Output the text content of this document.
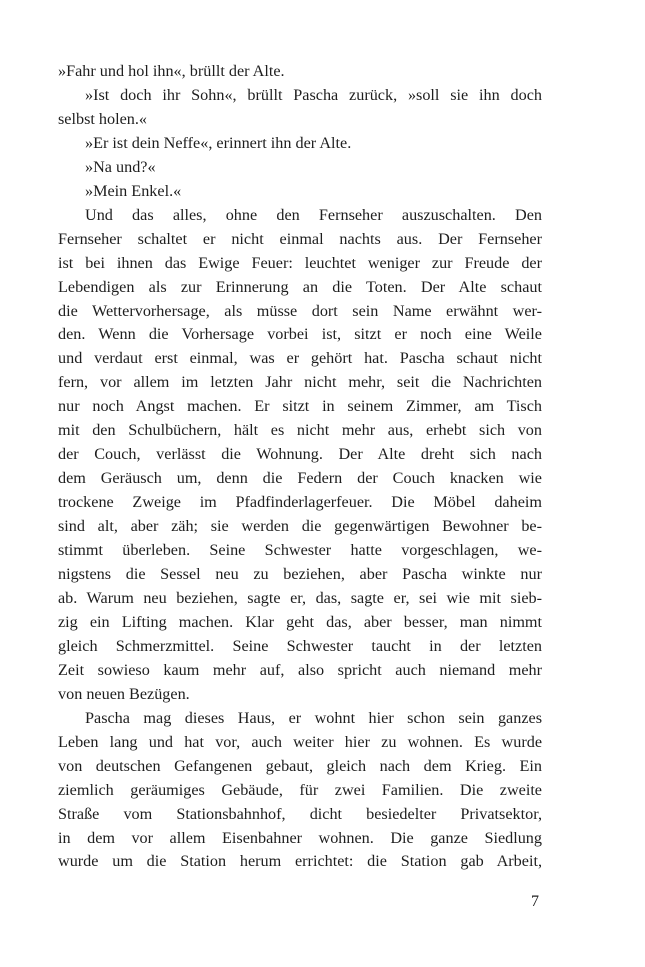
»Fahr und hol ihn«, brüllt der Alte.
»Ist doch ihr Sohn«, brüllt Pascha zurück, »soll sie ihn doch
selbst holen.«
»Er ist dein Neffe«, erinnert ihn der Alte.
»Na und?«
»Mein Enkel.«
Und das alles, ohne den Fernseher auszuschalten. Den
Fernseher schaltet er nicht einmal nachts aus. Der Fernseher
ist bei ihnen das Ewige Feuer: leuchtet weniger zur Freude der
Lebendigen als zur Erinnerung an die Toten. Der Alte schaut
die Wettervorhersage, als müsse dort sein Name erwähnt wer-
den. Wenn die Vorhersage vorbei ist, sitzt er noch eine Weile
und verdaut erst einmal, was er gehört hat. Pascha schaut nicht
fern, vor allem im letzten Jahr nicht mehr, seit die Nachrichten
nur noch Angst machen. Er sitzt in seinem Zimmer, am Tisch
mit den Schulbüchern, hält es nicht mehr aus, erhebt sich von
der Couch, verlässt die Wohnung. Der Alte dreht sich nach
dem Geräusch um, denn die Federn der Couch knacken wie
trockene Zweige im Pfadfinderlagerfeuer. Die Möbel daheim
sind alt, aber zäh; sie werden die gegenwärtigen Bewohner be-
stimmt überleben. Seine Schwester hatte vorgeschlagen, we-
nigstens die Sessel neu zu beziehen, aber Pascha winkte nur
ab. Warum neu beziehen, sagte er, das, sagte er, sei wie mit sieb-
zig ein Lifting machen. Klar geht das, aber besser, man nimmt
gleich Schmerzmittel. Seine Schwester taucht in der letzten
Zeit sowieso kaum mehr auf, also spricht auch niemand mehr
von neuen Bezügen.
Pascha mag dieses Haus, er wohnt hier schon sein ganzes
Leben lang und hat vor, auch weiter hier zu wohnen. Es wurde
von deutschen Gefangenen gebaut, gleich nach dem Krieg. Ein
ziemlich geräumiges Gebäude, für zwei Familien. Die zweite
Straße vom Stationsbahnhof, dicht besiedelter Privatsektor,
in dem vor allem Eisenbahner wohnen. Die ganze Siedlung
wurde um die Station herum errichtet: die Station gab Arbeit,
7
